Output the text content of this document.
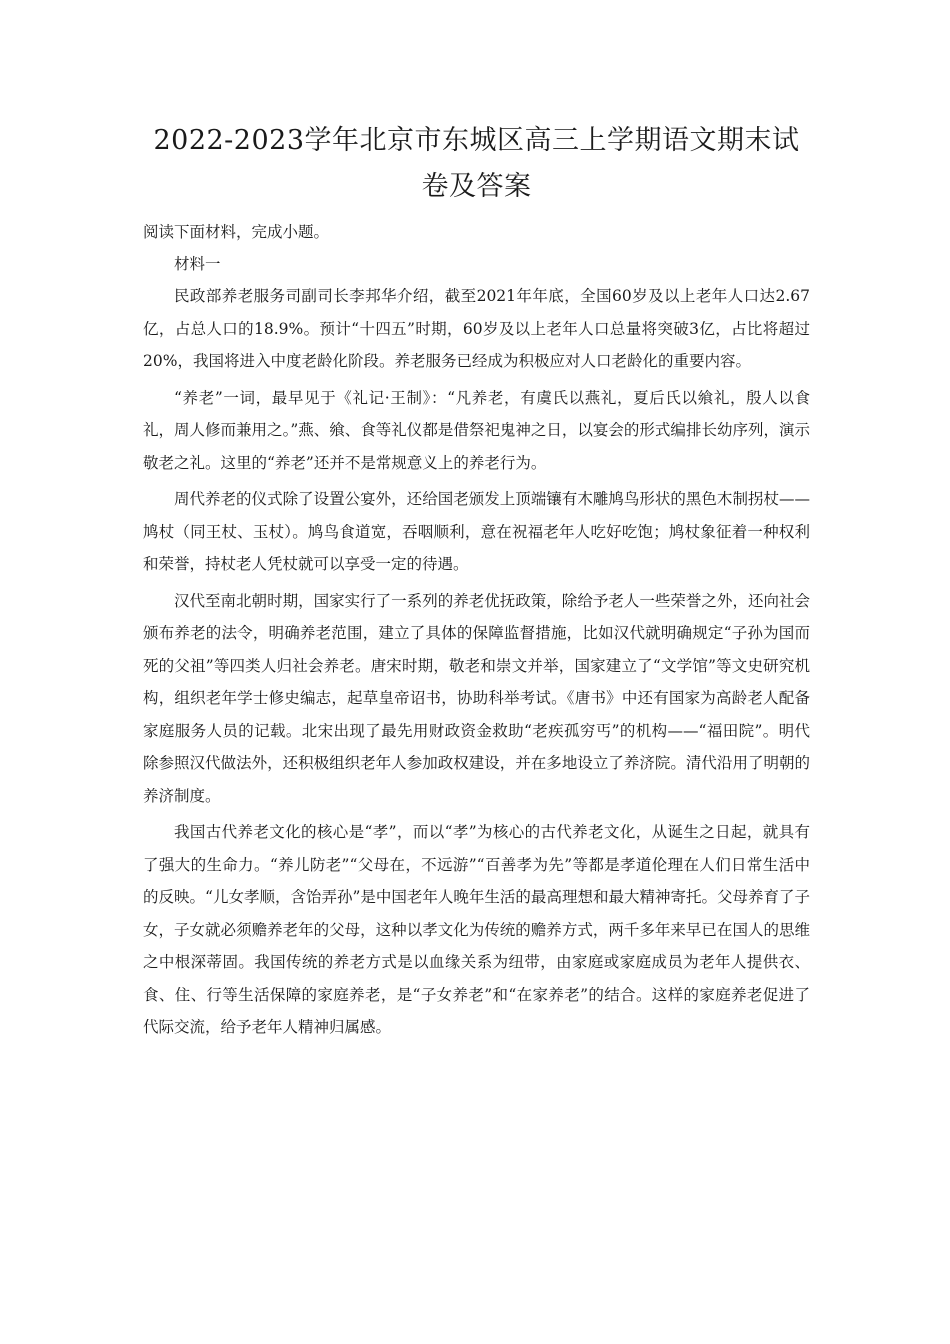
2022-2023学年北京市东城区高三上学期语文期末试卷及答案

阅读下面材料，完成小题。

材料一

民政部养老服务司副司长李邦华介绍，截至2021年年底，全国60岁及以上老年人口达2.67亿，占总人口的18.9%。预计“十四五”时期，60岁及以上老年人口总量将突破3亿，占比将超过20%，我国将进入中度老龄化阶段。养老服务已经成为积极应对人口老龄化的重要内容。

“养老”一词，最早见于《礼记·王制》：“凡养老，有虞氏以燕礼，夏后氏以飨礼，殷人以食礼，周人修而兼用之。”燕、飨、食等礼仪都是借祭祀鬼神之日，以宴会的形式编排长幼序列，演示敬老之礼。这里的“养老”还并不是常规意义上的养老行为。

周代养老的仪式除了设置公宴外，还给国老颁发上顶端镶有木雕鸠鸟形状的黑色木制拐杖——鸠杖（同王杖、玉杖）。鸠鸟食道宽，吞咽顺利，意在祝福老年人吃好吃饱；鸠杖象征着一种权利和荣誉，持杖老人凭杖就可以享受一定的待遇。

汉代至南北朝时期，国家实行了一系列的养老优抚政策，除给予老人一些荣誉之外，还向社会颁布养老的法令，明确养老范围，建立了具体的保障监督措施，比如汉代就明确规定“子孙为国而死的父祖”等四类人归社会养老。唐宋时期，敬老和崇文并举，国家建立了“文学馆”等文史研究机构，组织老年学士修史编志，起草皇帝诏书，协助科举考试。《唐书》中还有国家为高龄老人配备家庭服务人员的记载。北宋出现了最先用财政资金救助“老疾孤穷丐”的机构——“福田院”。明代除参照汉代做法外，还积极组织老年人参加政权建设，并在多地设立了养济院。清代沿用了明朝的养济制度。

我国古代养老文化的核心是“孝”，而以“孝”为核心的古代养老文化，从诞生之日起，就具有了强大的生命力。“养儿防老”“父母在，不远游”“百善孝为先”等都是孝道伦理在人们日常生活中的反映。“儿女孝顺，含饴弄孙”是中国老年人晚年生活的最高理想和最大精神寄托。父母养育了子女，子女就必须赡养老年的父母，这种以孝文化为传统的赡养方式，两千多年来早已在国人的思维之中根深蒂固。我国传统的养老方式是以血缘关系为纽带，由家庭或家庭成员为老年人提供衣、食、住、行等生活保障的家庭养老，是“子女养老”和“在家养老”的结合。这样的家庭养老促进了代际交流，给予老年人精神归属感。
